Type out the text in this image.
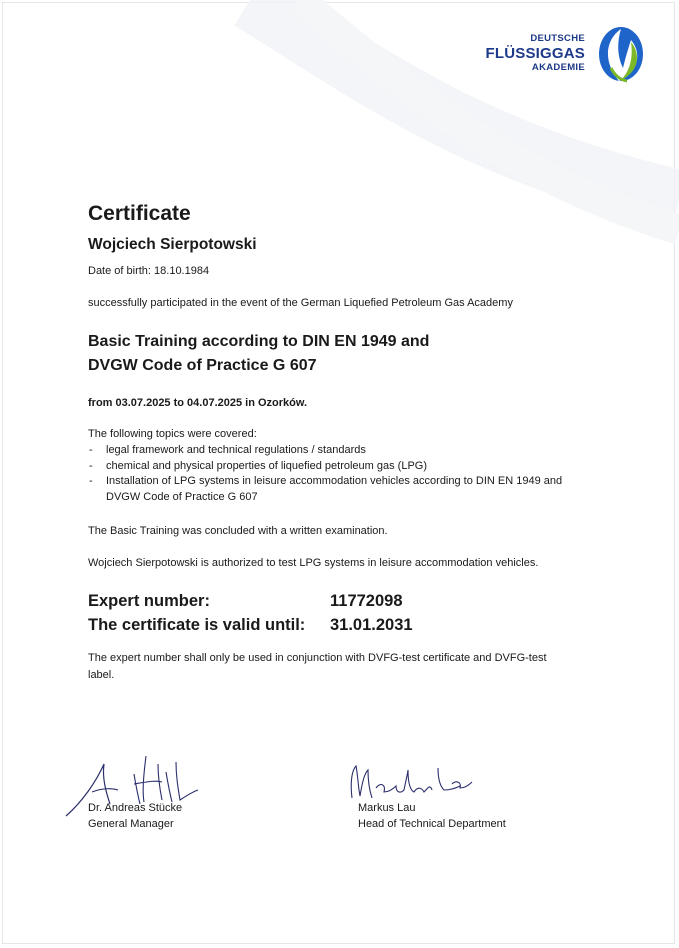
DEUTSCHE
FLÜSSIGGAS
AKADEMIE
Certificate
Wojciech Sierpotowski
Date of birth: 18.10.1984
successfully participated in the event of the German Liquefied Petroleum Gas Academy
Basic Training according to DIN EN 1949 and
DVGW Code of Practice G 607
from 03.07.2025 to 04.07.2025 in Ozorków.
The following topics were covered:
- legal framework and technical regulations / standards
- chemical and physical properties of liquefied petroleum gas (LPG)
- Installation of LPG systems in leisure accommodation vehicles according to DIN EN 1949 and DVGW Code of Practice G 607
The Basic Training was concluded with a written examination.
Wojciech Sierpotowski is authorized to test LPG systems in leisure accommodation vehicles.
Expert number:	11772098
The certificate is valid until: 31.01.2031
The expert number shall only be used in conjunction with DVFG-test certificate and DVFG-test label.
Dr. Andreas Stücke
General Manager
Markus Lau
Head of Technical Department
